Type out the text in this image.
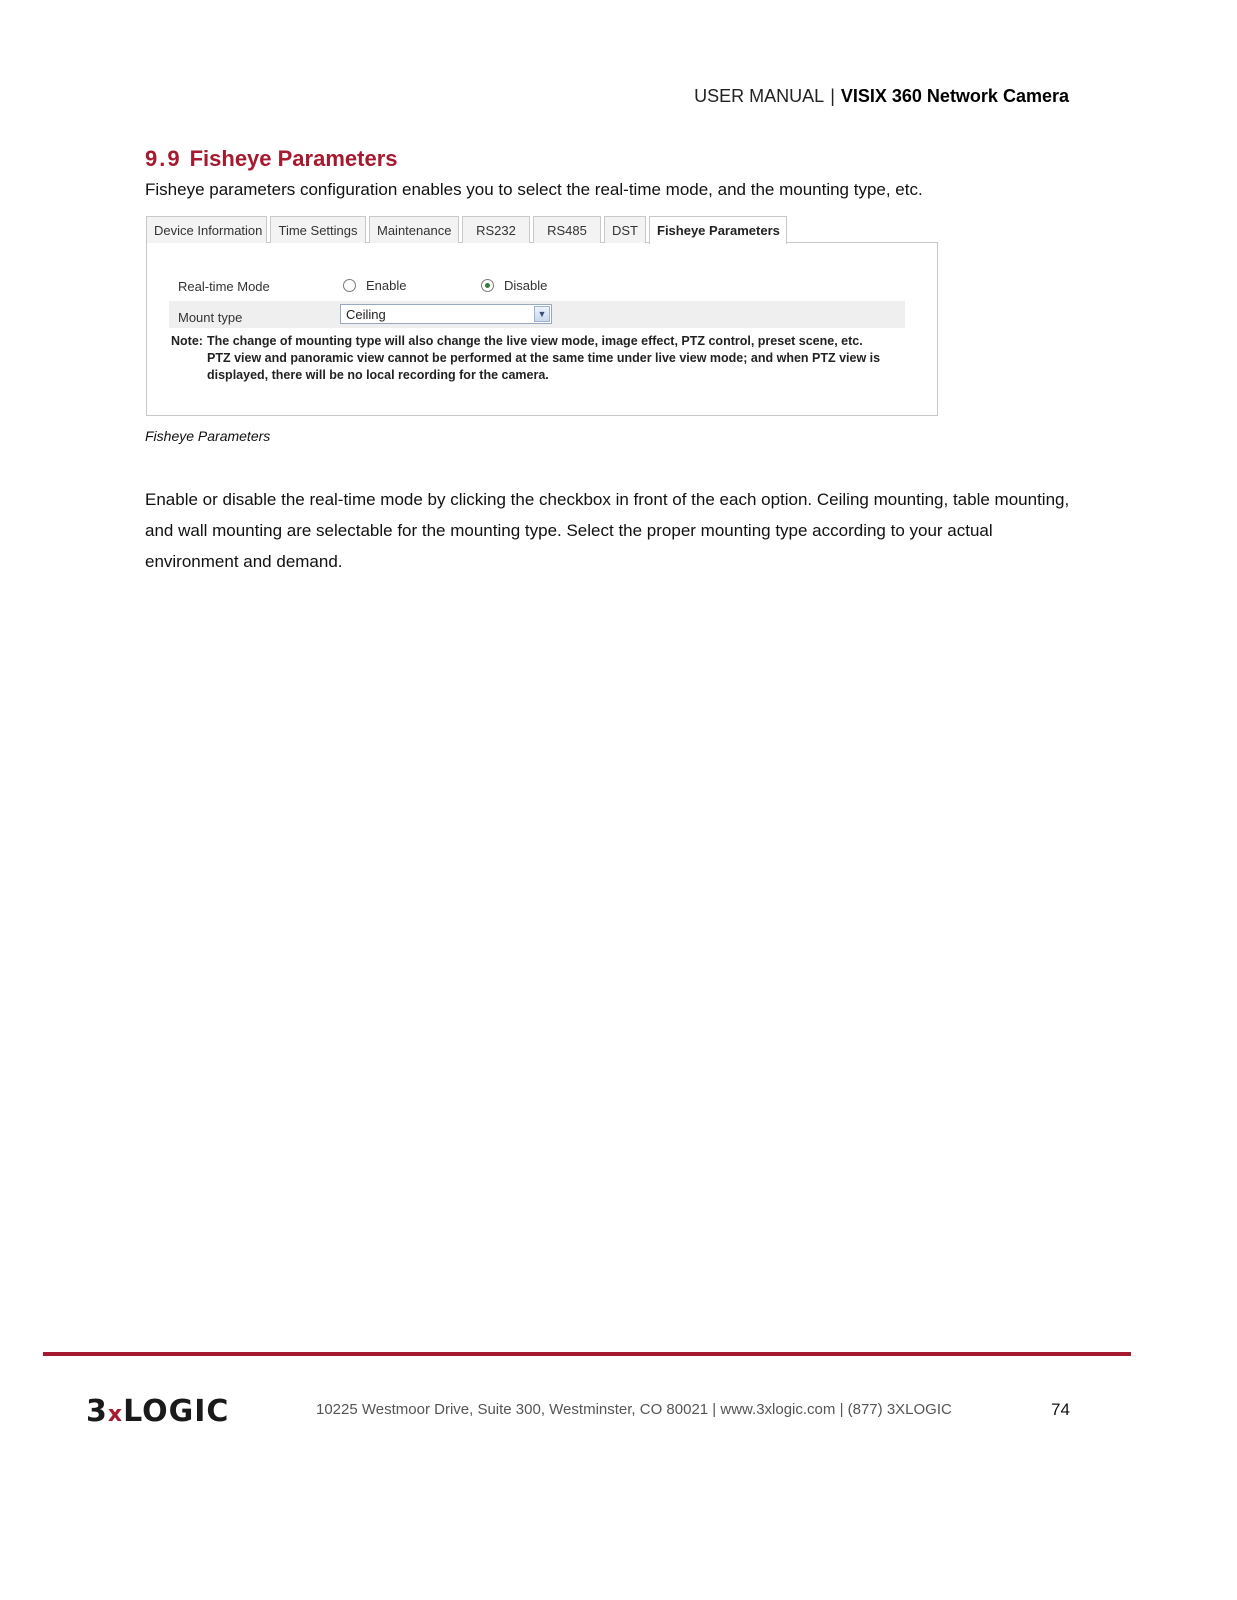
USER MANUAL | VISIX 360 Network Camera
9.9 Fisheye Parameters
Fisheye parameters configuration enables you to select the real-time mode, and the mounting type, etc.
Device Information	Time Settings	Maintenance	RS232	RS485	DST	Fisheye Parameters
Real-time Mode	Enable	Disable
Mount type	Ceiling	▼
Note: The change of mounting type will also change the live view mode, image effect, PTZ control, preset scene, etc.
PTZ view and panoramic view cannot be performed at the same time under live view mode; and when PTZ view is displayed, there will be no local recording for the camera.
Fisheye Parameters
Enable or disable the real-time mode by clicking the checkbox in front of the each option. Ceiling mounting, table mounting, and wall mounting are selectable for the mounting type. Select the proper mounting type according to your actual environment and demand.
3xLOGIC	10225 Westmoor Drive, Suite 300, Westminster, CO 80021 | www.3xlogic.com | (877) 3XLOGIC	74
